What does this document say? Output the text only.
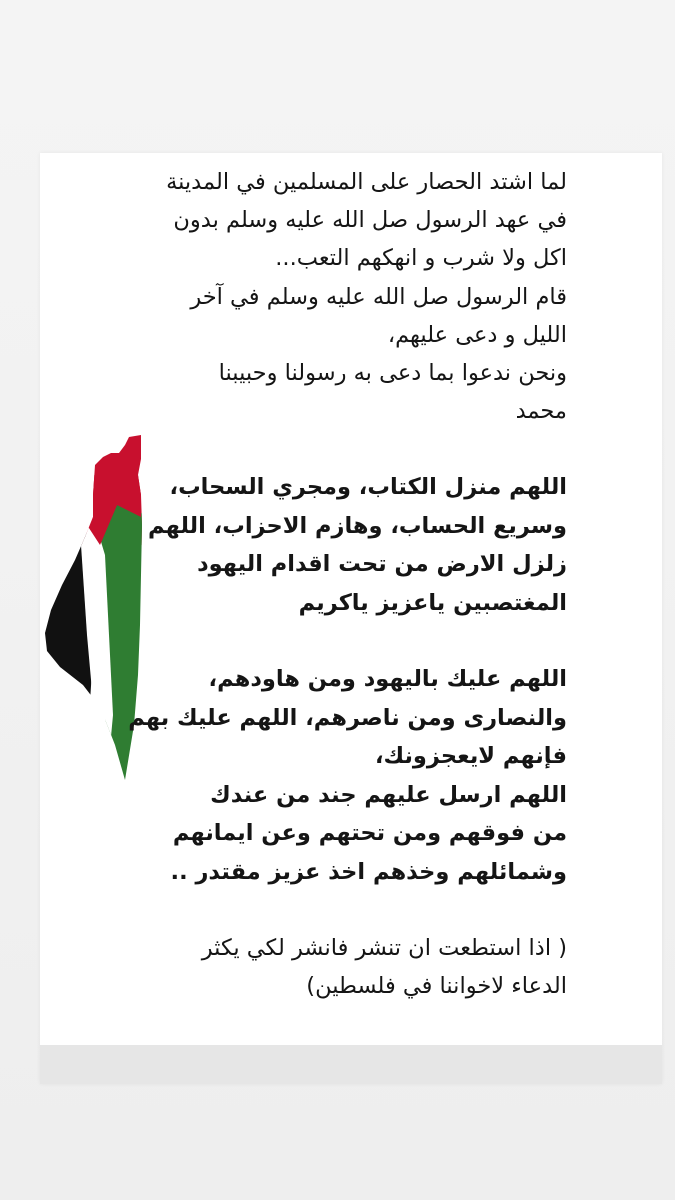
لما اشتد الحصار على المسلمين في المدينة
في عهد الرسول صل الله عليه وسلم بدون
اكل ولا شرب و انهكهم التعب...
قام الرسول صل الله عليه وسلم في آخر
الليل و دعى عليهم،
ونحن ندعوا بما دعى به رسولنا وحبيبنا
محمد
اللهم منزل الكتاب، ومجري السحاب،
وسريع الحساب، وهازم الاحزاب، اللهم
زلزل الارض من تحت اقدام اليهود
المغتصبين ياعزيز ياكريم
اللهم عليك باليهود ومن هاودهم،
والنصارى ومن ناصرهم، اللهم عليك بهم
فإنهم لايعجزونك،
اللهم ارسل عليهم جند من عندك
من فوقهم ومن تحتهم وعن ايمانهم
وشمائلهم وخذهم اخذ عزيز مقتدر ..
( اذا استطعت ان تنشر فانشر لكي يكثر
الدعاء لاخواننا في فلسطين)
